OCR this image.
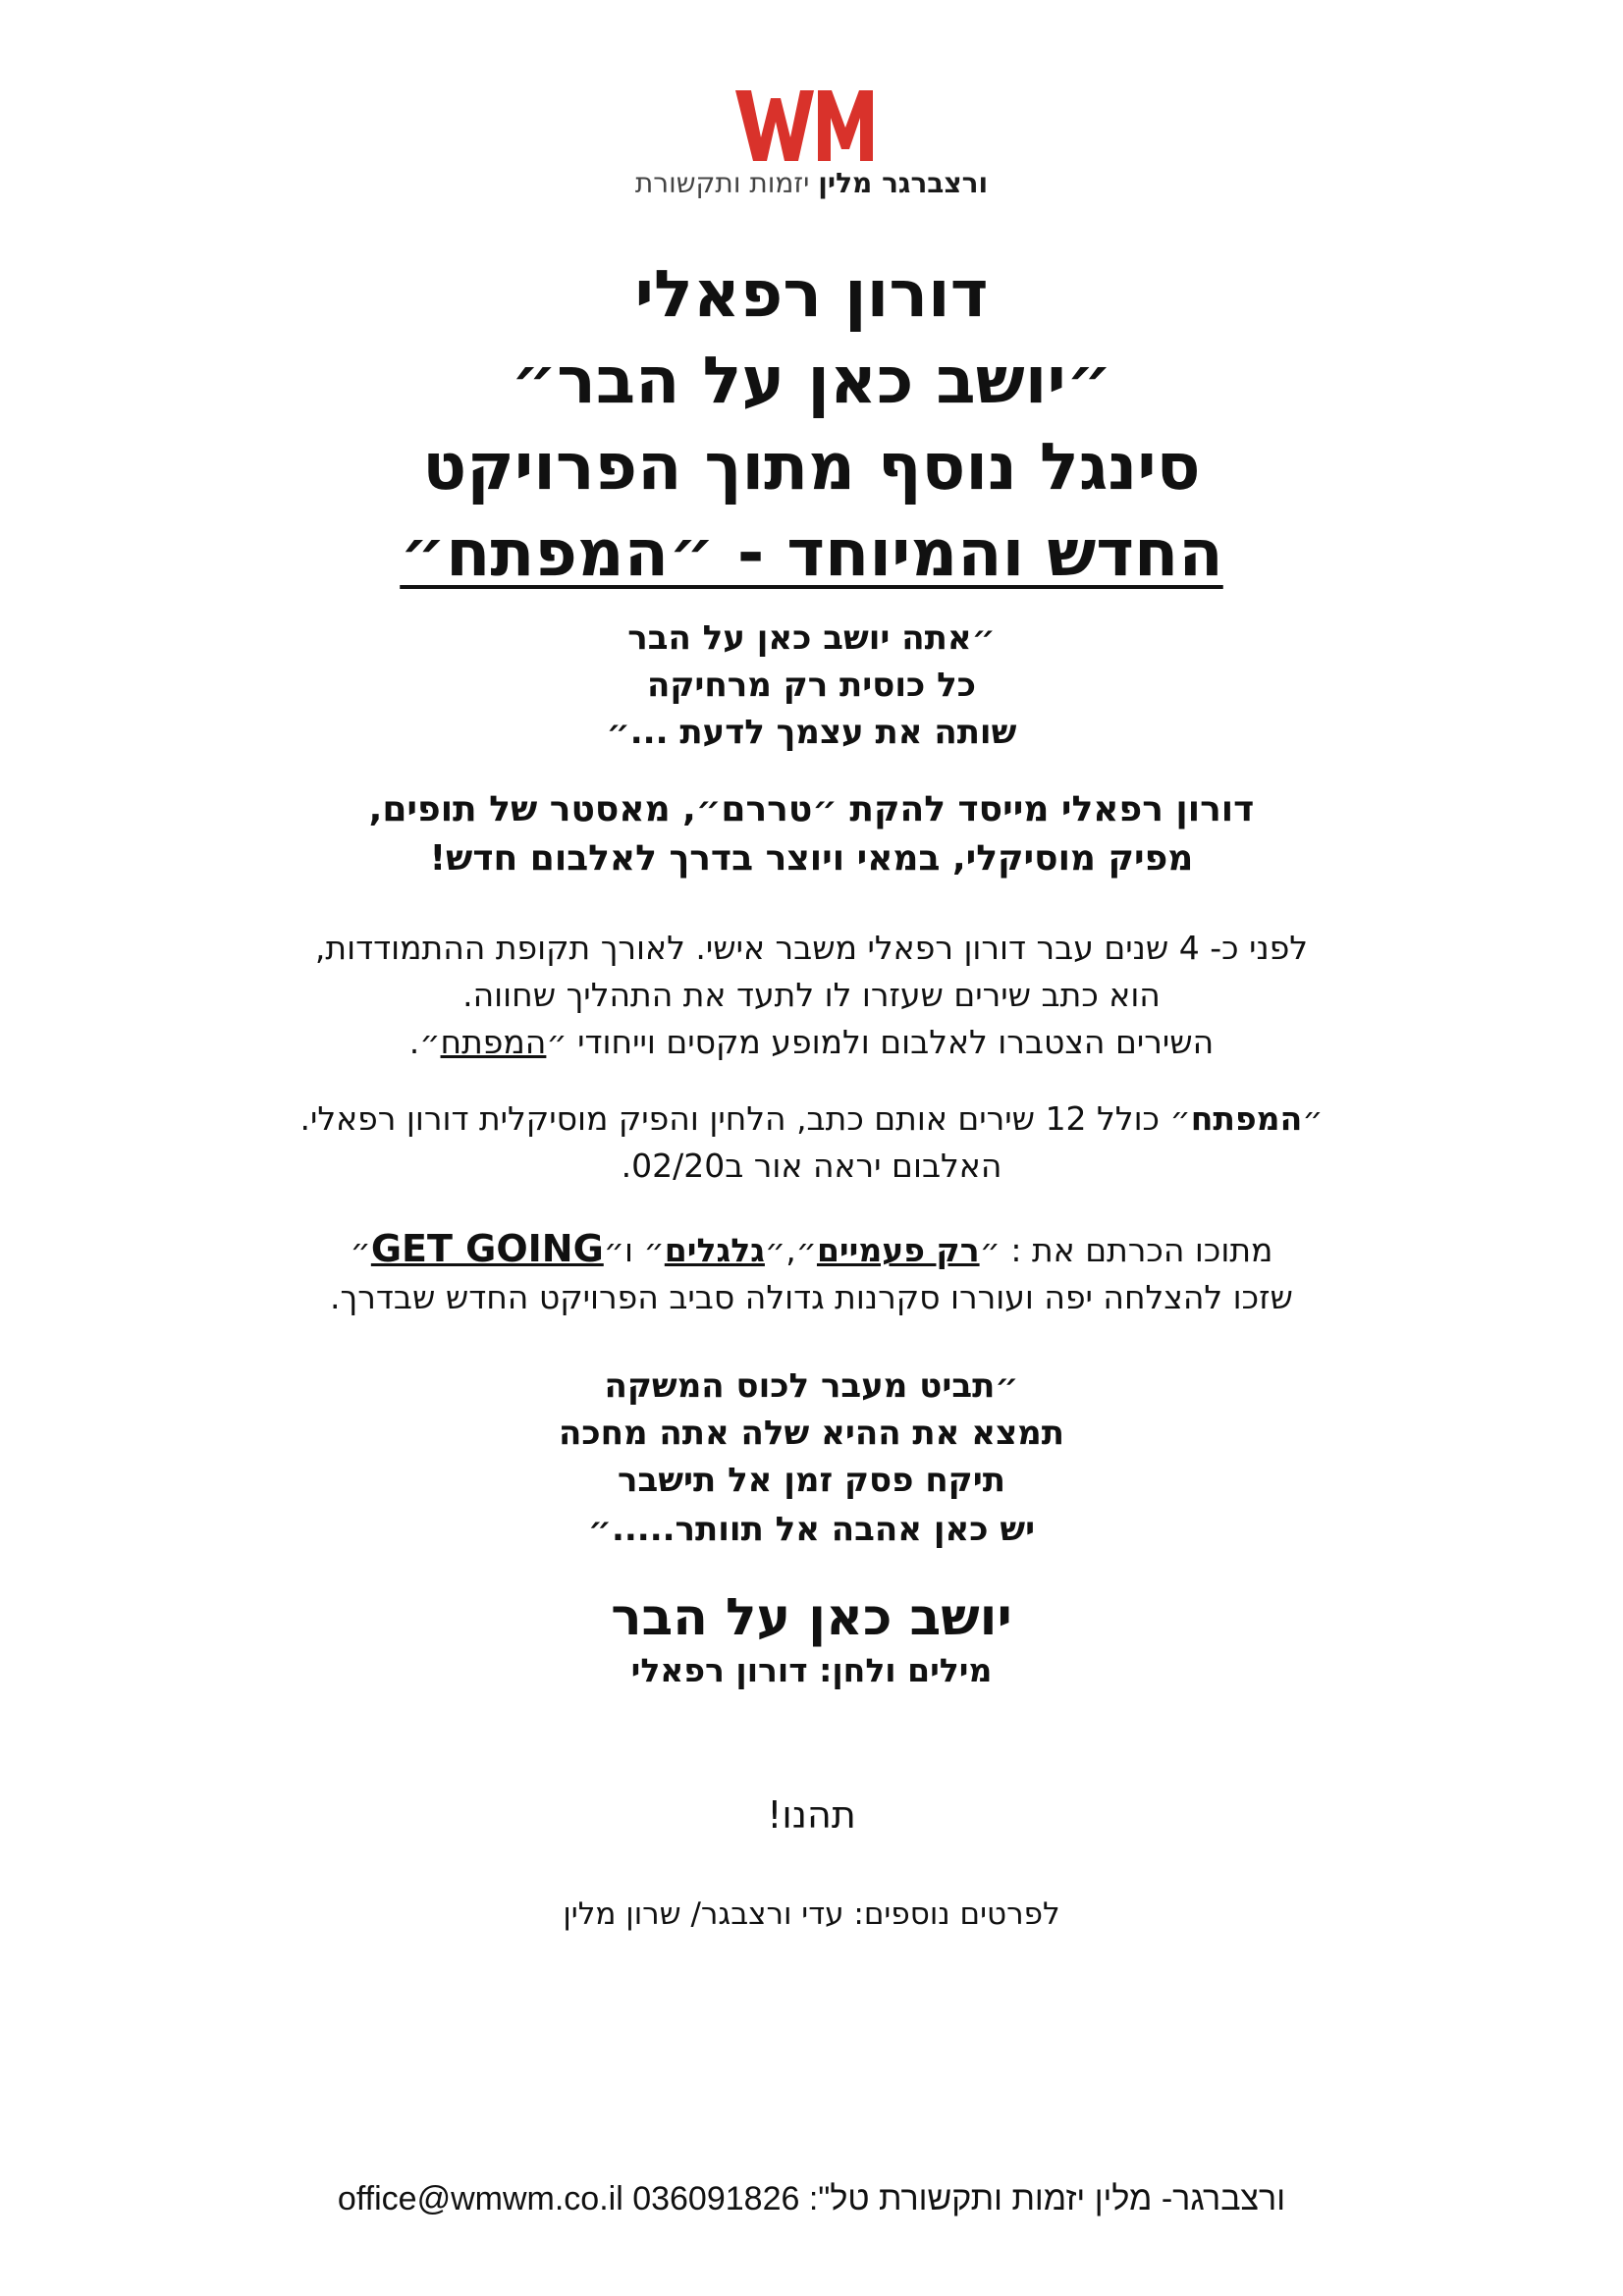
ורצברגר מלין יזמות ותקשורת
דורון רפאלי
״יושב כאן על הבר״
סינגל נוסף מתוך הפרויקט
החדש והמיוחד - ״המפתח״
״אתה יושב כאן על הבר
כל כוסית רק מרחיקה
שותה את עצמך לדעת ...״
דורון רפאלי מייסד להקת ״טררם״, מאסטר של תופים,
מפיק מוסיקלי, במאי ויוצר בדרך לאלבום חדש!
לפני כ- 4 שנים עבר דורון רפאלי משבר אישי. לאורך תקופת ההתמודדות,
הוא כתב שירים שעזרו לו לתעד את התהליך שחווה.
השירים הצטברו לאלבום ולמופע מקסים וייחודי ״המפתח״.
״המפתח״ כולל 12 שירים אותם כתב, הלחין והפיק מוסיקלית דורון רפאלי.
האלבום יראה אור ב02/20.
מתוכו הכרתם את : ״רק פעמיים״,״גלגלים״ ו״GET GOING״
שזכו להצלחה יפה ועוררו סקרנות גדולה סביב הפרויקט החדש שבדרך.
״תביט מעבר לכוס המשקה
תמצא את ההיא שלה אתה מחכה
תיקח פסק זמן אל תישבר
יש כאן אהבה אל תוותר.....״
יושב כאן על הבר
מילים ולחן: דורון רפאלי
תהנו!
לפרטים נוספים: עדי ורצבגר/ שרון מלין
ורצברגר- מלין יזמות ותקשורת טל": 036091826 office@wmwm.co.il
